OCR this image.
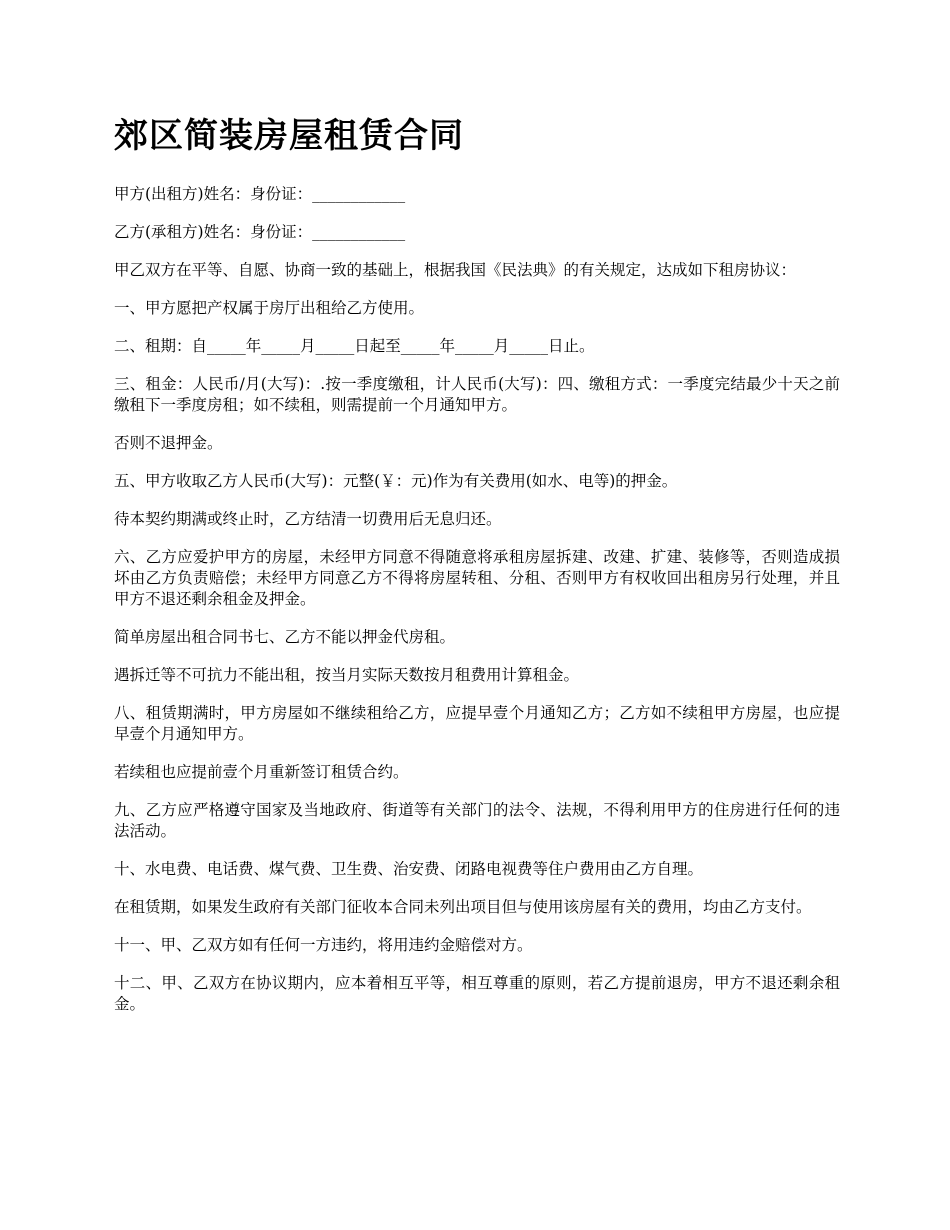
郊区简装房屋租赁合同

甲方(出租方)姓名：身份证：____________

乙方(承租方)姓名：身份证：____________

甲乙双方在平等、自愿、协商一致的基础上，根据我国《民法典》的有关规定，达成如下租房协议：

一、甲方愿把产权属于房厅出租给乙方使用。

二、租期：自_____年_____月_____日起至_____年_____月_____日止。

三、租金：人民币/月(大写)：.按一季度缴租，计人民币(大写)：四、缴租方式：一季度完结最少十天之前缴租下一季度房租；如不续租，则需提前一个月通知甲方。

否则不退押金。

五、甲方收取乙方人民币(大写)：元整(￥：元)作为有关费用(如水、电等)的押金。

待本契约期满或终止时，乙方结清一切费用后无息归还。

六、乙方应爱护甲方的房屋，未经甲方同意不得随意将承租房屋拆建、改建、扩建、装修等，否则造成损坏由乙方负责赔偿；未经甲方同意乙方不得将房屋转租、分租、否则甲方有权收回出租房另行处理，并且甲方不退还剩余租金及押金。

简单房屋出租合同书七、乙方不能以押金代房租。

遇拆迁等不可抗力不能出租，按当月实际天数按月租费用计算租金。

八、租赁期满时，甲方房屋如不继续租给乙方，应提早壹个月通知乙方；乙方如不续租甲方房屋，也应提早壹个月通知甲方。

若续租也应提前壹个月重新签订租赁合约。

九、乙方应严格遵守国家及当地政府、街道等有关部门的法令、法规，不得利用甲方的住房进行任何的违法活动。

十、水电费、电话费、煤气费、卫生费、治安费、闭路电视费等住户费用由乙方自理。

在租赁期，如果发生政府有关部门征收本合同未列出项目但与使用该房屋有关的费用，均由乙方支付。

十一、甲、乙双方如有任何一方违约，将用违约金赔偿对方。

十二、甲、乙双方在协议期内，应本着相互平等，相互尊重的原则，若乙方提前退房，甲方不退还剩余租金。
